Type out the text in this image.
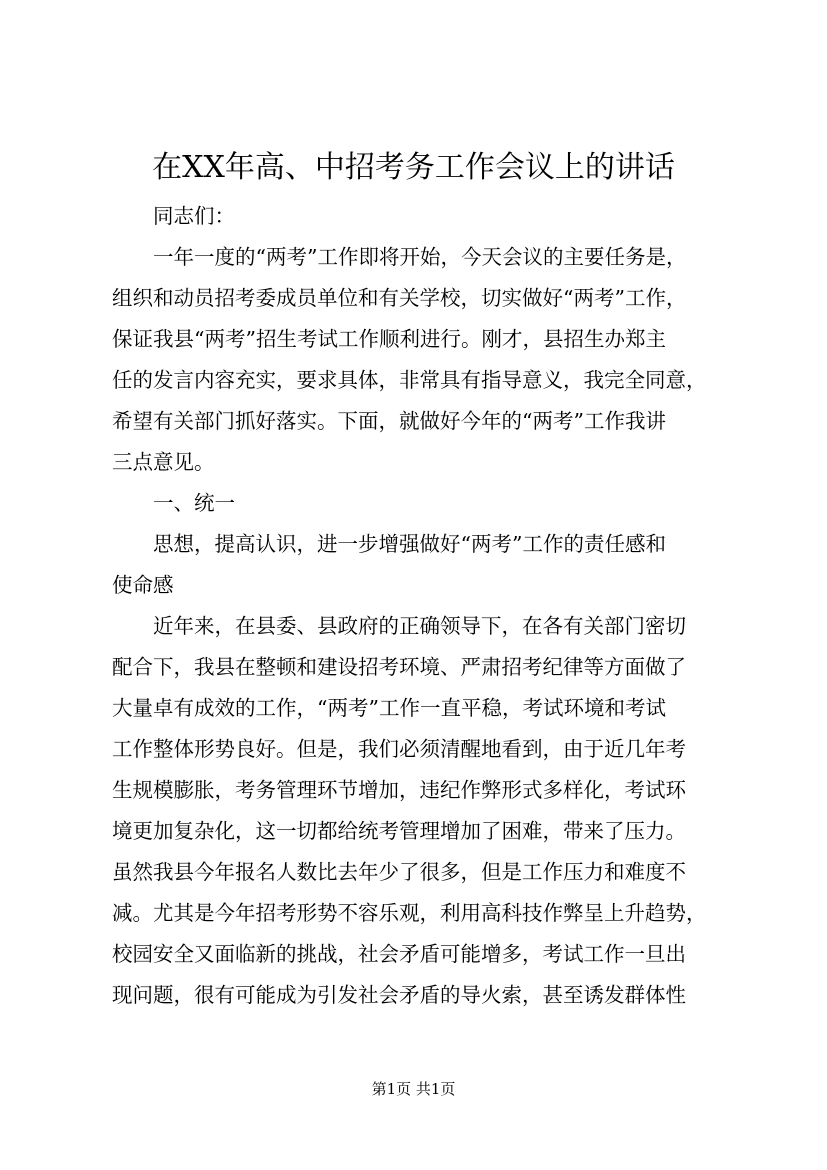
在XX年高、中招考务工作会议上的讲话
同志们：
一年一度的“两考”工作即将开始，今天会议的主要任务是，
组织和动员招考委成员单位和有关学校，切实做好“两考”工作，
保证我县“两考”招生考试工作顺利进行。刚才，县招生办郑主
任的发言内容充实，要求具体，非常具有指导意义，我完全同意，
希望有关部门抓好落实。下面，就做好今年的“两考”工作我讲
三点意见。
一、统一
思想，提高认识，进一步增强做好“两考”工作的责任感和
使命感
近年来，在县委、县政府的正确领导下，在各有关部门密切
配合下，我县在整顿和建设招考环境、严肃招考纪律等方面做了
大量卓有成效的工作，“两考”工作一直平稳，考试环境和考试
工作整体形势良好。但是，我们必须清醒地看到，由于近几年考
生规模膨胀，考务管理环节增加，违纪作弊形式多样化，考试环
境更加复杂化，这一切都给统考管理增加了困难，带来了压力。
虽然我县今年报名人数比去年少了很多，但是工作压力和难度不
减。尤其是今年招考形势不容乐观，利用高科技作弊呈上升趋势，
校园安全又面临新的挑战，社会矛盾可能增多，考试工作一旦出
现问题，很有可能成为引发社会矛盾的导火索，甚至诱发群体性
第1页 共1页
